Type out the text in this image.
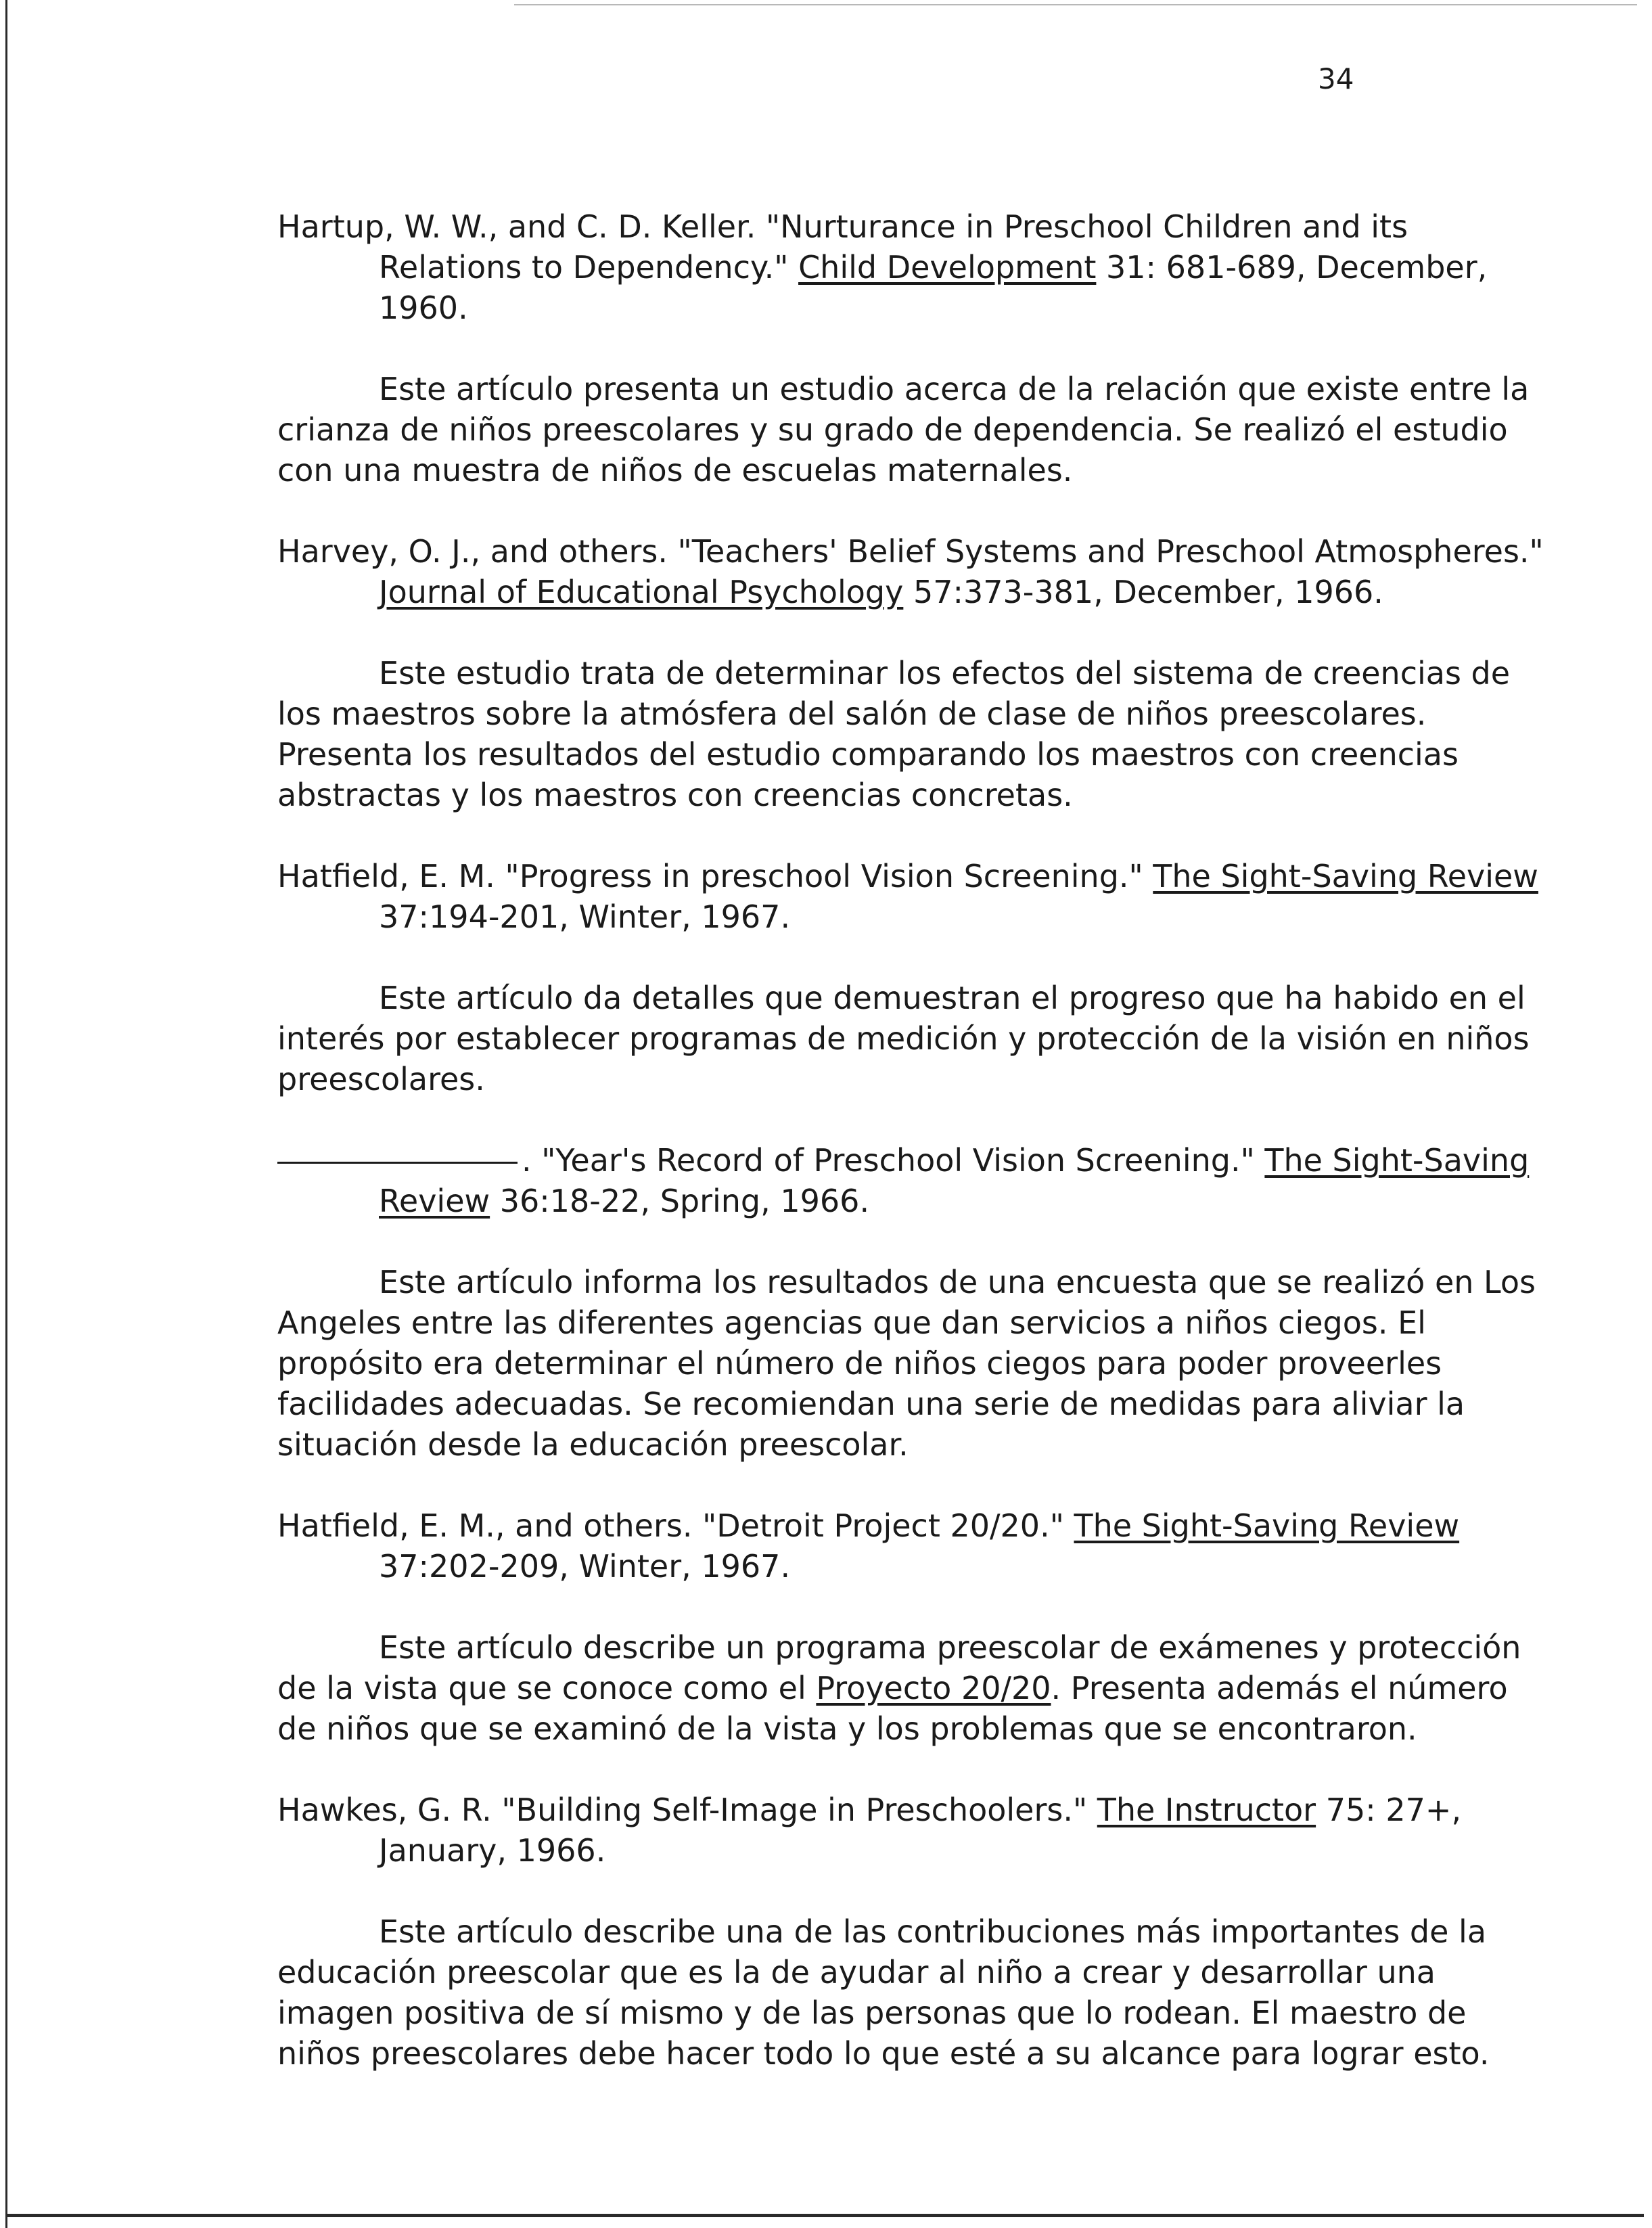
34

Hartup, W. W., and C. D. Keller. "Nurturance in Preschool Children and its Relations to Dependency." Child Development 31: 681-689, December, 1960.

Este artículo presenta un estudio acerca de la relación que existe entre la crianza de niños preescolares y su grado de dependencia. Se realizó el estudio con una muestra de niños de escuelas maternales.

Harvey, O. J., and others. "Teachers' Belief Systems and Preschool Atmospheres." Journal of Educational Psychology 57:373-381, December, 1966.

Este estudio trata de determinar los efectos del sistema de creencias de los maestros sobre la atmósfera del salón de clase de niños preescolares. Presenta los resultados del estudio comparando los maestros con creencias abstractas y los maestros con creencias concretas.

Hatfield, E. M. "Progress in preschool Vision Screening." The Sight-Saving Review 37:194-201, Winter, 1967.

Este artículo da detalles que demuestran el progreso que ha habido en el interés por establecer programas de medición y protección de la visión en niños preescolares.

. "Year's Record of Preschool Vision Screening." The Sight-Saving Review 36:18-22, Spring, 1966.

Este artículo informa los resultados de una encuesta que se realizó en Los Angeles entre las diferentes agencias que dan servicios a niños ciegos. El propósito era determinar el número de niños ciegos para poder proveerles facilidades adecuadas. Se recomiendan una serie de medidas para aliviar la situación desde la educación preescolar.

Hatfield, E. M., and others. "Detroit Project 20/20." The Sight-Saving Review 37:202-209, Winter, 1967.

Este artículo describe un programa preescolar de exámenes y protección de la vista que se conoce como el Proyecto 20/20. Presenta además el número de niños que se examinó de la vista y los problemas que se encontraron.

Hawkes, G. R. "Building Self-Image in Preschoolers." The Instructor 75: 27+, January, 1966.

Este artículo describe una de las contribuciones más importantes de la educación preescolar que es la de ayudar al niño a crear y desarrollar una imagen positiva de sí mismo y de las personas que lo rodean. El maestro de niños preescolares debe hacer todo lo que esté a su alcance para lograr esto.
